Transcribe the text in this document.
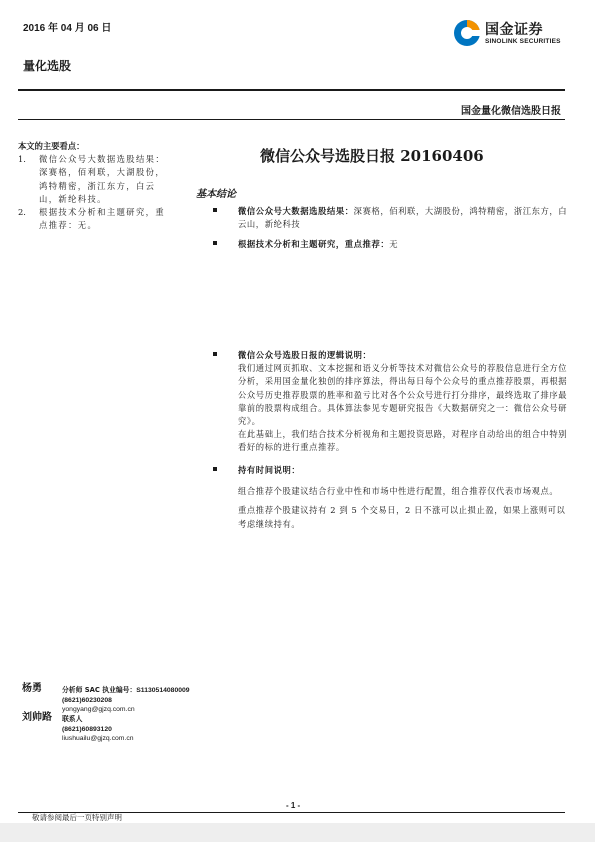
2016 年 04 月 06 日
量化选股
国金证券
SINOLINK SECURITIES
国金量化微信选股日报
本文的主要看点：
1.	微信公众号大数据选股结果：深赛格，佰利联，大湖股份，鸿特精密，浙江东方，白云山，新纶科技。
2.	根据技术分析和主题研究，重点推荐：无。
微信公众号选股日报 20160406
基本结论
微信公众号大数据选股结果：深赛格，佰利联，大湖股份，鸿特精密，浙江东方，白云山，新纶科技
根据技术分析和主题研究，重点推荐：无
微信公众号选股日报的逻辑说明：
我们通过网页抓取、文本挖掘和语义分析等技术对微信公众号的荐股信息进行全方位分析，采用国金量化独创的排序算法，得出每日每个公众号的重点推荐股票，再根据公众号历史推荐股票的胜率和盈亏比对各个公众号进行打分排序，最终选取了排序最靠前的股票构成组合。具体算法参见专题研究报告《大数据研究之一：微信公众号研究》。
在此基础上，我们结合技术分析视角和主题投资思路，对程序自动给出的组合中特别看好的标的进行重点推荐。
持有时间说明：
组合推荐个股建议结合行业中性和市场中性进行配置，组合推荐仅代表市场观点。
重点推荐个股建议持有 2 到 5 个交易日，2 日不涨可以止损止盈，如果上涨则可以考虑继续持有。
杨勇	分析师 SAC 执业编号：S1130514080009
(8621)60230208
yongyang@gjzq.com.cn
刘帅路 联系人
(8621)60893120
liushuailu@gjzq.com.cn
- 1 -
敬请参阅最后一页特别声明
